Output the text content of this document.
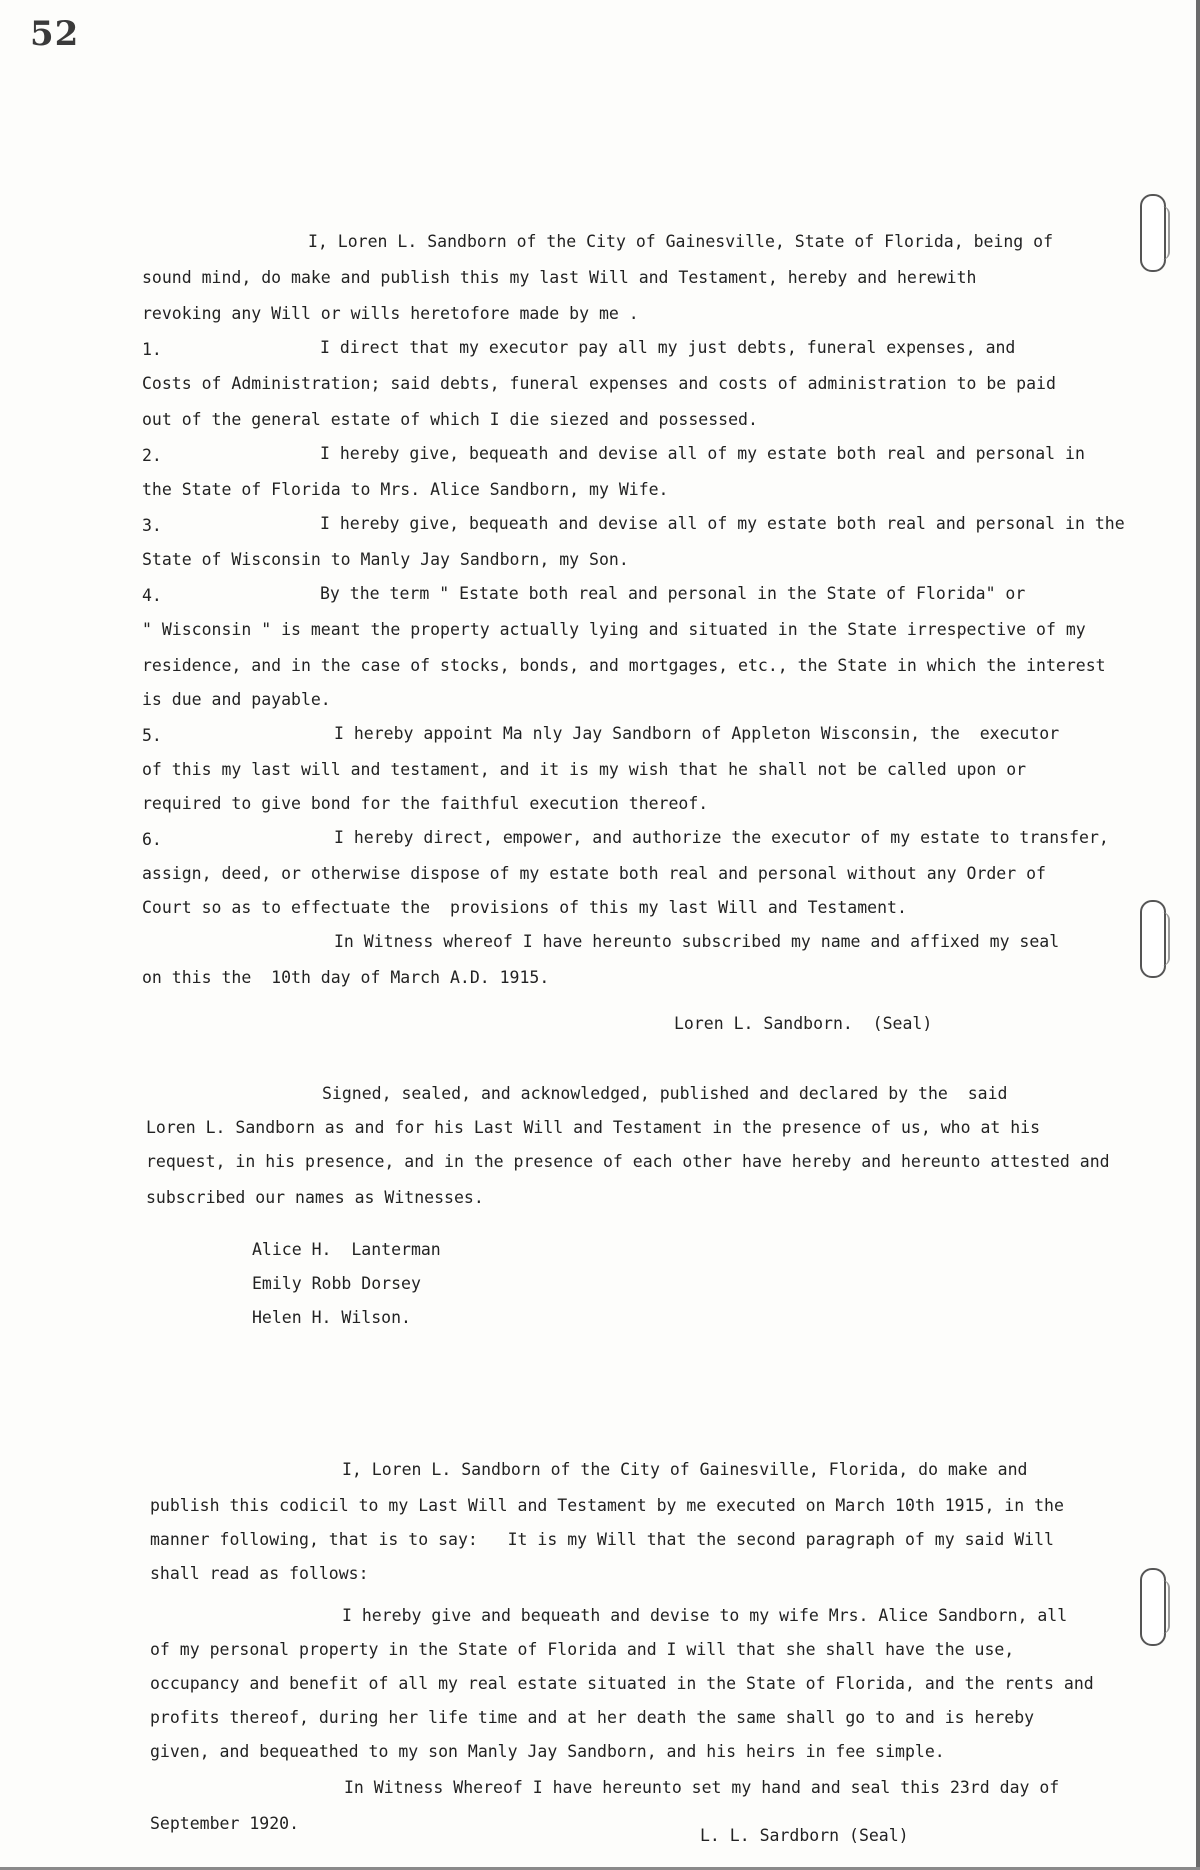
52
I, Loren L. Sandborn of the City of Gainesville, State of Florida, being of
sound mind, do make and publish this my last Will and Testament, hereby and herewith
revoking any Will or wills heretofore made by me .
1.	I direct that my executor pay all my just debts, funeral expenses, and
Costs of Administration; said debts, funeral expenses and costs of administration to be paid
out of the general estate of which I die siezed and possessed.
2.	I hereby give, bequeath and devise all of my estate both real and personal in
the State of Florida to Mrs. Alice Sandborn, my Wife.
3.	I hereby give, bequeath and devise all of my estate both real and personal in the
State of Wisconsin to Manly Jay Sandborn, my Son.
4.	By the term " Estate both real and personal in the State of Florida" or
" Wisconsin " is meant the property actually lying and situated in the State irrespective of my
residence, and in the case of stocks, bonds, and mortgages, etc., the State in which the interest
is due and payable.
5.	I hereby appoint Ma nly Jay Sandborn of Appleton Wisconsin, the  executor
of this my last will and testament, and it is my wish that he shall not be called upon or
required to give bond for the faithful execution thereof.
6.	I hereby direct, empower, and authorize the executor of my estate to transfer,
assign, deed, or otherwise dispose of my estate both real and personal without any Order of
Court so as to effectuate the  provisions of this my last Will and Testament.
In Witness whereof I have hereunto subscribed my name and affixed my seal
on this the  10th day of March A.D. 1915.
Loren L. Sandborn.  (Seal)
Signed, sealed, and acknowledged, published and declared by the  said
Loren L. Sandborn as and for his Last Will and Testament in the presence of us, who at his
request, in his presence, and in the presence of each other have hereby and hereunto attested and
subscribed our names as Witnesses.
Alice H.  Lanterman
Emily Robb Dorsey
Helen H. Wilson.
I, Loren L. Sandborn of the City of Gainesville, Florida, do make and
publish this codicil to my Last Will and Testament by me executed on March 10th 1915, in the
manner following, that is to say:   It is my Will that the second paragraph of my said Will
shall read as follows:
I hereby give and bequeath and devise to my wife Mrs. Alice Sandborn, all
of my personal property in the State of Florida and I will that she shall have the use,
occupancy and benefit of all my real estate situated in the State of Florida, and the rents and
profits thereof, during her life time and at her death the same shall go to and is hereby
given, and bequeathed to my son Manly Jay Sandborn, and his heirs in fee simple.
In Witness Whereof I have hereunto set my hand and seal this 23rd day of
September 1920.
L. L. Sardborn (Seal)
